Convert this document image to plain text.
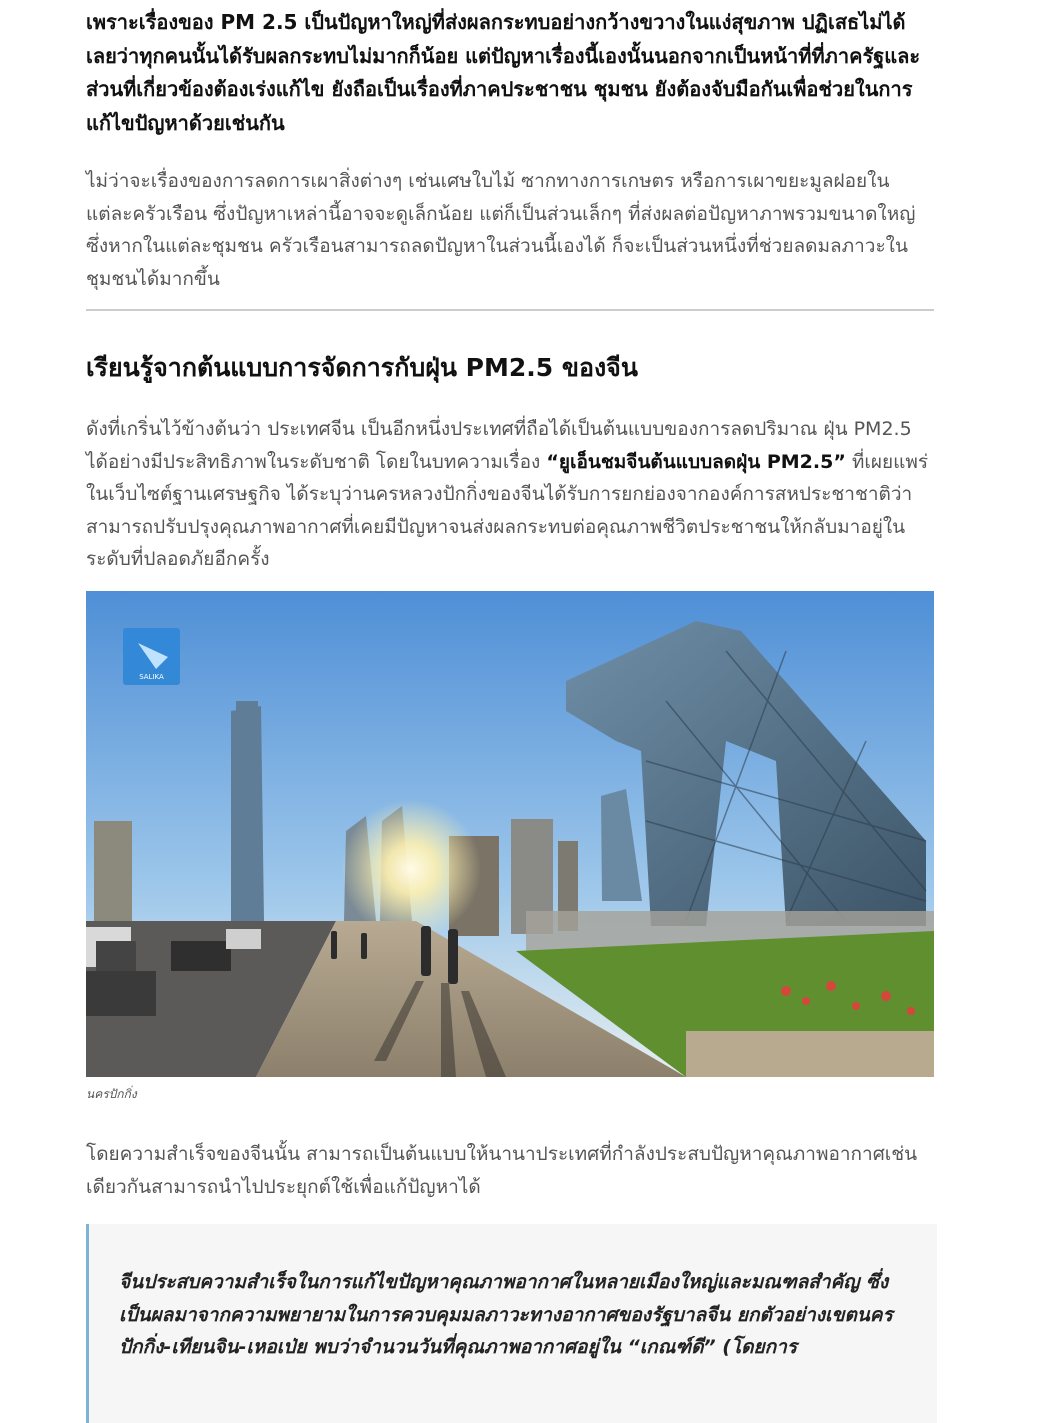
เพราะเรื่องของ PM 2.5 เป็นปัญหาใหญ่ที่ส่งผลกระทบอย่างกว้างขวางในแง่สุขภาพ ปฏิเสธไม่ได้เลยว่าทุกคนนั้นได้รับผลกระทบไม่มากก็น้อย แต่ปัญหาเรื่องนี้เองนั้นนอกจากเป็นหน้าที่ที่ภาครัฐและส่วนที่เกี่ยวข้องต้องเร่งแก้ไข ยังถือเป็นเรื่องที่ภาคประชาชน ชุมชน ยังต้องจับมือกันเพื่อช่วยในการแก้ไขปัญหาด้วยเช่นกัน

ไม่ว่าจะเรื่องของการลดการเผาสิ่งต่างๆ เช่นเศษใบไม้ ซากทางการเกษตร หรือการเผาขยะมูลฝอยในแต่ละครัวเรือน ซึ่งปัญหาเหล่านี้อาจจะดูเล็กน้อย แต่ก็เป็นส่วนเล็กๆ ที่ส่งผลต่อปัญหาภาพรวมขนาดใหญ่ ซึ่งหากในแต่ละชุมชน ครัวเรือนสามารถลดปัญหาในส่วนนี้เองได้ ก็จะเป็นส่วนหนึ่งที่ช่วยลดมลภาวะในชุมชนได้มากขึ้น

เรียนรู้จากต้นแบบการจัดการกับฝุ่น PM2.5 ของจีน

ดังที่เกริ่นไว้ข้างต้นว่า ประเทศจีน เป็นอีกหนึ่งประเทศที่ถือได้เป็นต้นแบบของการลดปริมาณ ฝุ่น PM2.5 ได้อย่างมีประสิทธิภาพในระดับชาติ โดยในบทความเรื่อง “ยูเอ็นชมจีนต้นแบบลดฝุ่น PM2.5” ที่เผยแพร่ในเว็บไซต์ฐานเศรษฐกิจ ได้ระบุว่านครหลวงปักกิ่งของจีนได้รับการยกย่องจากองค์การสหประชาชาติว่า สามารถปรับปรุงคุณภาพอากาศที่เคยมีปัญหาจนส่งผลกระทบต่อคุณภาพชีวิตประชาชนให้กลับมาอยู่ในระดับที่ปลอดภัยอีกครั้ง

SALIKA
นครปักกิ่ง

โดยความสำเร็จของจีนนั้น สามารถเป็นต้นแบบให้นานาประเทศที่กำลังประสบปัญหาคุณภาพอากาศเช่นเดียวกันสามารถนำไปประยุกต์ใช้เพื่อแก้ปัญหาได้

จีนประสบความสำเร็จในการแก้ไขปัญหาคุณภาพอากาศในหลายเมืองใหญ่และมณฑลสำคัญ ซึ่งเป็นผลมาจากความพยายามในการควบคุมมลภาวะทางอากาศของรัฐบาลจีน ยกตัวอย่างเขตนครปักกิ่ง-เทียนจิน-เหอเป่ย พบว่าจำนวนวันที่คุณภาพอากาศอยู่ใน “เกณฑ์ดี” (โดยการ
